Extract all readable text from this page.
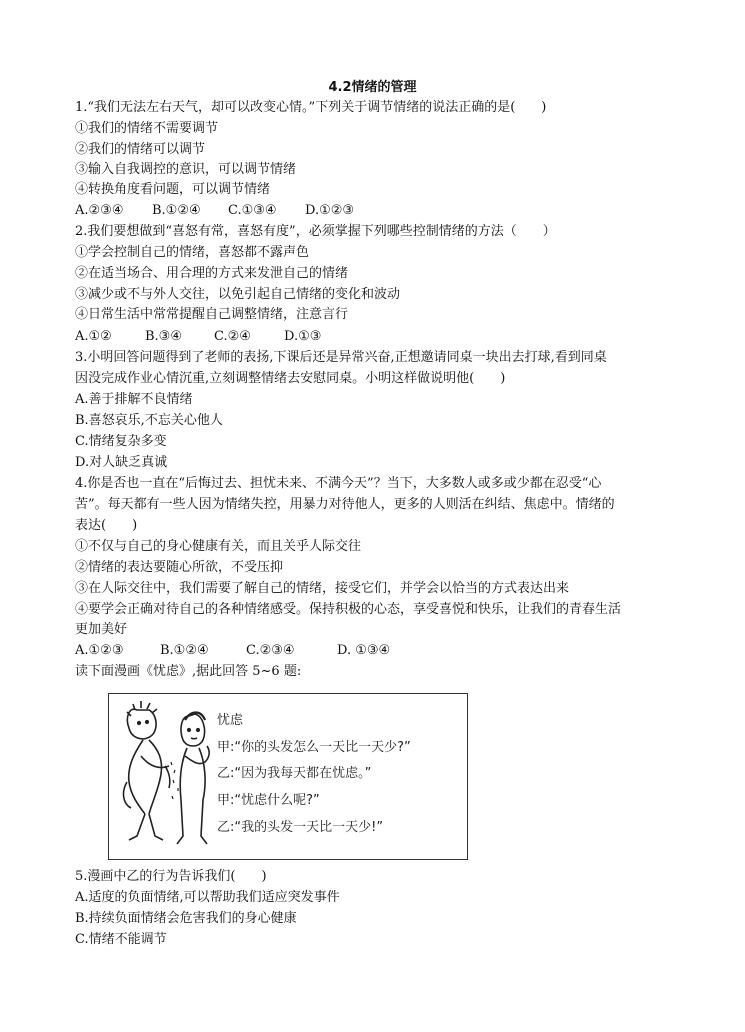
4.2情绪的管理
1.“我们无法左右天气，却可以改变心情。”下列关于调节情绪的说法正确的是(　　)
①我们的情绪不需要调节
②我们的情绪可以调节
③输入自我调控的意识，可以调节情绪
④转换角度看问题，可以调节情绪
A.②③④ B.①②④ C.①③④ D.①②③
2.我们要想做到“喜怒有常，喜怒有度”，必须掌握下列哪些控制情绪的方法（　　）
①学会控制自己的情绪，喜怒都不露声色
②在适当场合、用合理的方式来发泄自己的情绪
③减少或不与外人交往，以免引起自己情绪的变化和波动
④日常生活中常常提醒自己调整情绪，注意言行
A.①②	B.③④ C.②④	D.①③
3.小明回答问题得到了老师的表扬,下课后还是异常兴奋,正想邀请同桌一块出去打球,看到同桌
因没完成作业心情沉重,立刻调整情绪去安慰同桌。小明这样做说明他(　　)
A.善于排解不良情绪
B.喜怒哀乐,不忘关心他人
C.情绪复杂多变
D.对人缺乏真诚
4.你是否也一直在“后悔过去、担忧未来、不满今天”？当下，大多数人或多或少都在忍受“心
苦”。每天都有一些人因为情绪失控，用暴力对待他人，更多的人则活在纠结、焦虑中。情绪的
表达(　　)
①不仅与自己的身心健康有关，而且关乎人际交往
②情绪的表达要随心所欲，不受压抑
③在人际交往中，我们需要了解自己的情绪，接受它们，并学会以恰当的方式表达出来
④要学会正确对待自己的各种情绪感受。保持积极的心态，享受喜悦和快乐，让我们的青春生活
更加美好
A.①②③	B.①②④	C.②③④	D. ①③④
读下面漫画《忧虑》,据此回答 5~6 题:
忧虑
甲:“你的头发怎么一天比一天少?”
乙:“因为我每天都在忧虑。”
甲:“忧虑什么呢?”
乙:“我的头发一天比一天少!”
5.漫画中乙的行为告诉我们(　　)
A.适度的负面情绪,可以帮助我们适应突发事件
B.持续负面情绪会危害我们的身心健康
C.情绪不能调节
